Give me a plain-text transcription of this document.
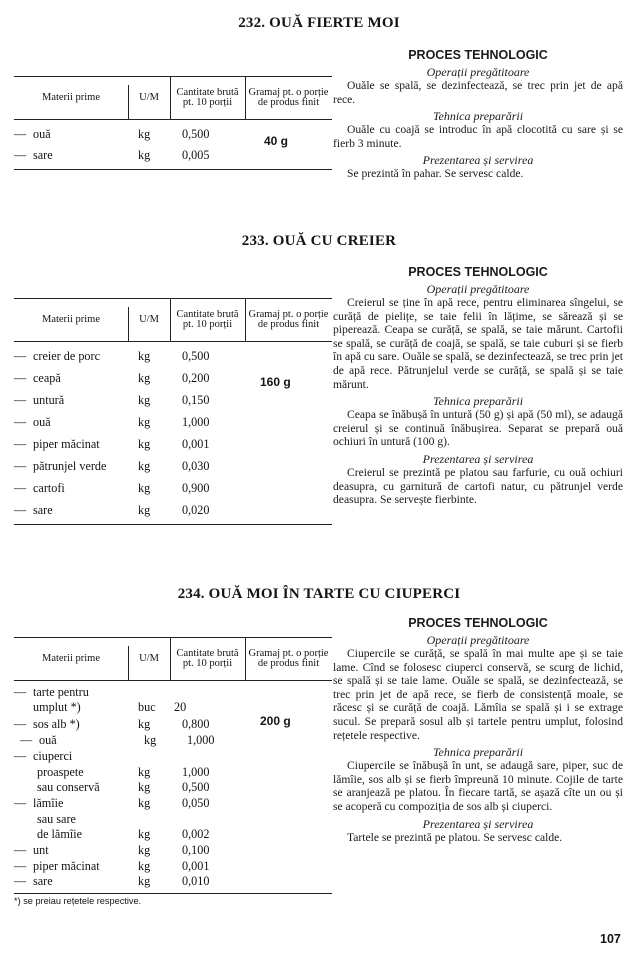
232. OUĂ FIERTE MOI
Materii prime	U/M	Cantitate brută pt. 10 porții
Gramaj pt. o porție de produs finit
— ouă	kg	0,500
— sare	kg	0,005
40 g
PROCES TEHNOLOGIC
Operații pregătitoare

Ouăle se spală, se dezinfectează, se trec prin jet de apă rece.

Tehnica preparării

Ouăle cu coajă se introduc în apă clocotită cu sare și se fierb 3 minute.

Prezentarea și servirea

Se prezintă în pahar. Se servesc calde.

233. OUĂ CU CREIER
Materii prime	U/M	Cantitate brută pt. 10 porții
Gramaj pt. o porție de produs finit
— creier de porc	kg	0,500
— ceapă	kg	0,200
— untură	kg	0,150
— ouă	kg	1,000
— piper măcinat	kg	0,001
— pătrunjel verde	kg	0,030
— cartofi	kg	0,900
— sare	kg	0,020
160 g
PROCES TEHNOLOGIC
Operații pregătitoare

Creierul se ține în apă rece, pentru eliminarea sîngelui, se curăță de pielițe, se taie felii în lățime, se sărează și se piperează. Ceapa se curăță, se spală, se taie mărunt. Cartofii se spală, se curăță de coajă, se spală, se taie cuburi și se fierb în apă cu sare. Ouăle se spală, se dezinfectează, se trec prin jet de apă rece. Pătrunjelul verde se curăță, se spală și se taie mărunt.

Tehnica preparării

Ceapa se înăbușă în untură (50 g) și apă (50 ml), se adaugă creierul și se continuă înăbușirea. Separat se prepară ouă ochiuri în untură (100 g).

Prezentarea și servirea

Creierul se prezintă pe platou sau farfurie, cu ouă ochiuri deasupra, cu garnitură de cartofi natur, cu pătrunjel verde deasupra. Se servește fierbinte.

234. OUĂ MOI ÎN TARTE CU CIUPERCI
Materii prime	U/M	Cantitate brută pt. 10 porții
Gramaj pt. o porție de produs finit
— tarte pentru
umplut *)	buc 20
— sos alb *)	kg	0,800
— ouă	kg	1,000
— ciuperci
proaspete	kg	1,000
sau conservă	kg	0,500
— lămîie	kg	0,050
sau sare
de lămîie	kg	0,002
— unt	kg	0,100
— piper măcinat	kg	0,001
— sare	kg	0,010
200 g
PROCES TEHNOLOGIC
Operații pregătitoare

Ciupercile se curăță, se spală în mai multe ape și se taie lame. Cînd se folosesc ciuperci conservă, se scurg de lichid, se spală și se taie lame. Ouăle se spală, se dezinfectează, se trec prin jet de apă rece, se fierb de consistență moale, se răcesc și se curăță de coajă. Lămîia se spală și i se extrage sucul. Se prepară sosul alb și tartele pentru umplut, folosind rețetele respective.

Tehnica preparării

Ciupercile se înăbușă în unt, se adaugă sare, piper, suc de lămîie, sos alb și se fierb împreună 10 minute. Cojile de tarte se aranjează pe platou. În fiecare tartă, se așază cîte un ou și se acoperă cu compoziția de sos alb și ciuperci.

Prezentarea și servirea

Tartele se prezintă pe platou. Se servesc calde.

*) se preiau rețetele respective.
107
